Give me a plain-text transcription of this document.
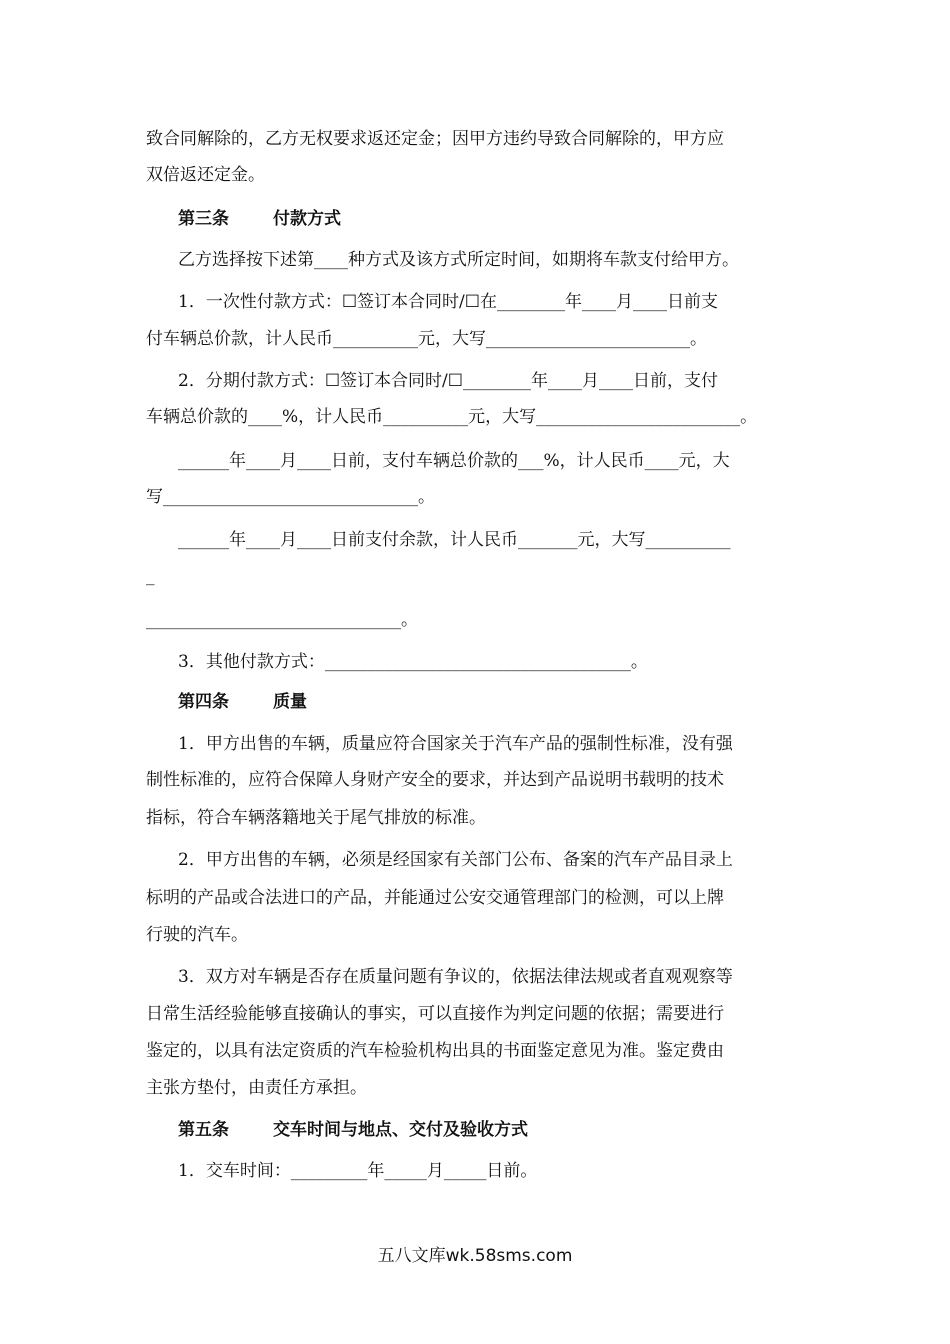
致合同解除的，乙方无权要求返还定金；因甲方违约导致合同解除的，甲方应
双倍返还定金。
第三条	付款方式
乙方选择按下述第____种方式及该方式所定时间，如期将车款支付给甲方。
1．一次性付款方式：☐签订本合同时/☐在________年____月____日前支
付车辆总价款，计人民币__________元，大写________________________。
2．分期付款方式：☐签订本合同时/☐________年____月____日前，支付
车辆总价款的____%，计人民币__________元，大写________________________。
______年____月____日前，支付车辆总价款的___%，计人民币____元，大
写______________________________。
______年____月____日前支付余款，计人民币_______元，大写__________
_
______________________________。
3．其他付款方式：____________________________________。
第四条	质量
1．甲方出售的车辆，质量应符合国家关于汽车产品的强制性标准，没有强
制性标准的，应符合保障人身财产安全的要求，并达到产品说明书载明的技术
指标，符合车辆落籍地关于尾气排放的标准。
2．甲方出售的车辆，必须是经国家有关部门公布、备案的汽车产品目录上
标明的产品或合法进口的产品，并能通过公安交通管理部门的检测，可以上牌
行驶的汽车。
3．双方对车辆是否存在质量问题有争议的，依据法律法规或者直观观察等
日常生活经验能够直接确认的事实，可以直接作为判定问题的依据；需要进行
鉴定的，以具有法定资质的汽车检验机构出具的书面鉴定意见为准。鉴定费由
主张方垫付，由责任方承担。
第五条	交车时间与地点、交付及验收方式
1．交车时间：_________年_____月_____日前。
五八文库wk.58sms.com
